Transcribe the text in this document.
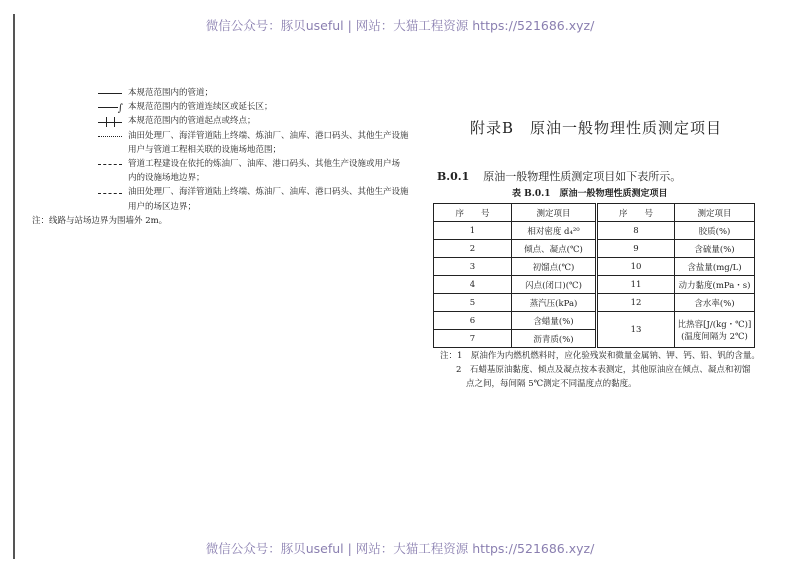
微信公众号：豚贝useful | 网站：大猫工程资源 https://521686.xyz/
微信公众号：豚贝useful | 网站：大猫工程资源 https://521686.xyz/
本规范范围内的管道；
∫ 本规范范围内的管道连续区或延长区；
本规范范围内的管道起点或终点；
油田处理厂、海洋管道陆上终端、炼油厂、油库、港口码头、其他生产设施
用户与管道工程相关联的设施场地范围；
管道工程建设在依托的炼油厂、油库、港口码头、其他生产设施或用户场
内的设施场地边界；
油田处理厂、海洋管道陆上终端、炼油厂、油库、港口码头、其他生产设施
用户的场区边界；
注：线路与站场边界为围墙外 2m。
附录B　原油一般物理性质测定项目
B.0.1 原油一般物理性质测定项目如下表所示。
表 B.0.1　原油一般物理性质测定项目
序　　号	测定项目	序　　号	测定项目
1	相对密度 d₄²⁰	8	胶质(%)
2	倾点、凝点(℃)	9	含硫量(%)
3	初馏点(℃)	10	含盐量(mg/L)
4	闪点(闭口)(℃)	11	动力黏度(mPa・s)
5	蒸汽压(kPa)	12	含水率(%)
6	含蜡量(%)	13	比热容[J/(kg・℃)]
(温度间隔为 2℃)

7	沥青质(%)		
注：1　原油作为内燃机燃料时，应化验残炭和微量金属钠、钾、钙、铅、钒的含量。
2　石蜡基原油黏度、倾点及凝点按本表测定，其他原油应在倾点、凝点和初馏
点之间，每间隔 5℃测定不同温度点的黏度。
